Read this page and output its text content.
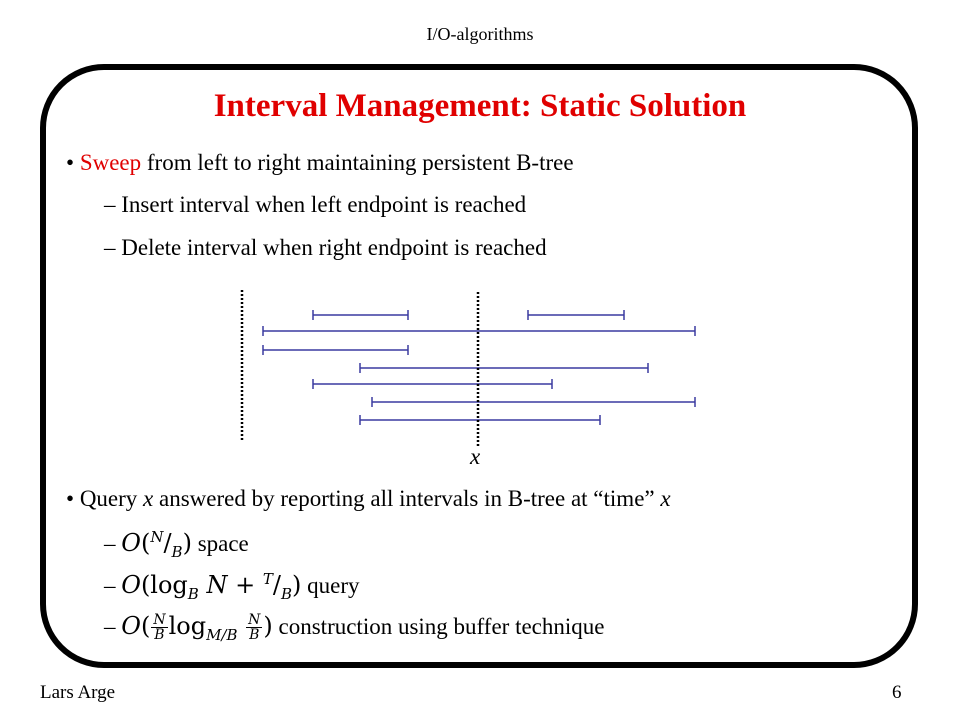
I/O-algorithms
Interval Management: Static Solution
• Sweep from left to right maintaining persistent B-tree
– Insert interval when left endpoint is reached
– Delete interval when right endpoint is reached
x
• Query x answered by reporting all intervals in B-tree at “time” x
– $O(^N/_B)$ space
– $O(\log_B$ $N + ^T/_B$) query
– $O( \frac{N}{B} \log_{M/B} \frac{N}{B}$ ) construction using buffer technique
Lars Arge	6
